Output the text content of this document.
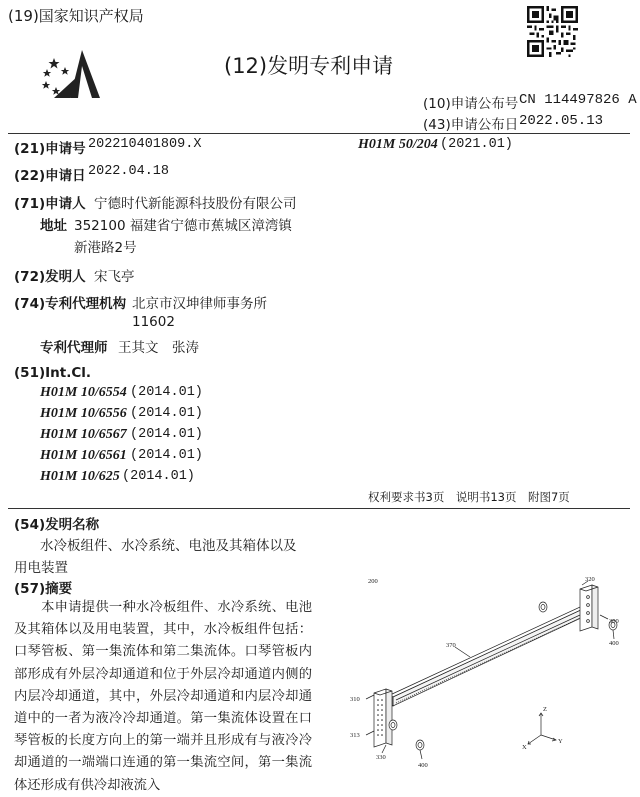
(19)国家知识产权局
(12)发明专利申请
(10)申请公布号 CN 114497826 A
(43)申请公布日 2022.05.13
(21)申请号 202210401809.X	H01M 50/204 (2021.01)
(22)申请日 2022.04.18
(71)申请人 宁德时代新能源科技股份有限公司
地址 352100 福建省宁德市蕉城区漳湾镇
新港路2号
(72)发明人 宋飞亭
(74)专利代理机构 北京市汉坤律师事务所
11602
专利代理师 王其文　张涛
(51)Int.Cl.
H01M 10/6554 (2014.01)
H01M 10/6556 (2014.01)
H01M 10/6567 (2014.01)
H01M 10/6561 (2014.01)
H01M 10/625 (2014.01)
权利要求书3页　说明书13页　附图7页
(54)发明名称
水冷板组件、水冷系统、电池及其箱体以及
用电装置
(57)摘要
　　本申请提供一种水冷板组件、水冷系统、电池及其箱体以及用电装置，其中，水冷板组件包括：口琴管板、第一集流体和第二集流体。口琴管板内部形成有外层冷却通道和位于外层冷却通道内侧的内层冷却通道，其中，外层冷却通道和内层冷却通道中的一者为液冷冷却通道。第一集流体设置在口琴管板的长度方向上的第一端并且形成有与液冷冷却通道的一端端口连通的第一集流空间，第一集流体还形成有供冷却液流入
200	320
300
400
370
310
313
330
400
X
Y
Z
